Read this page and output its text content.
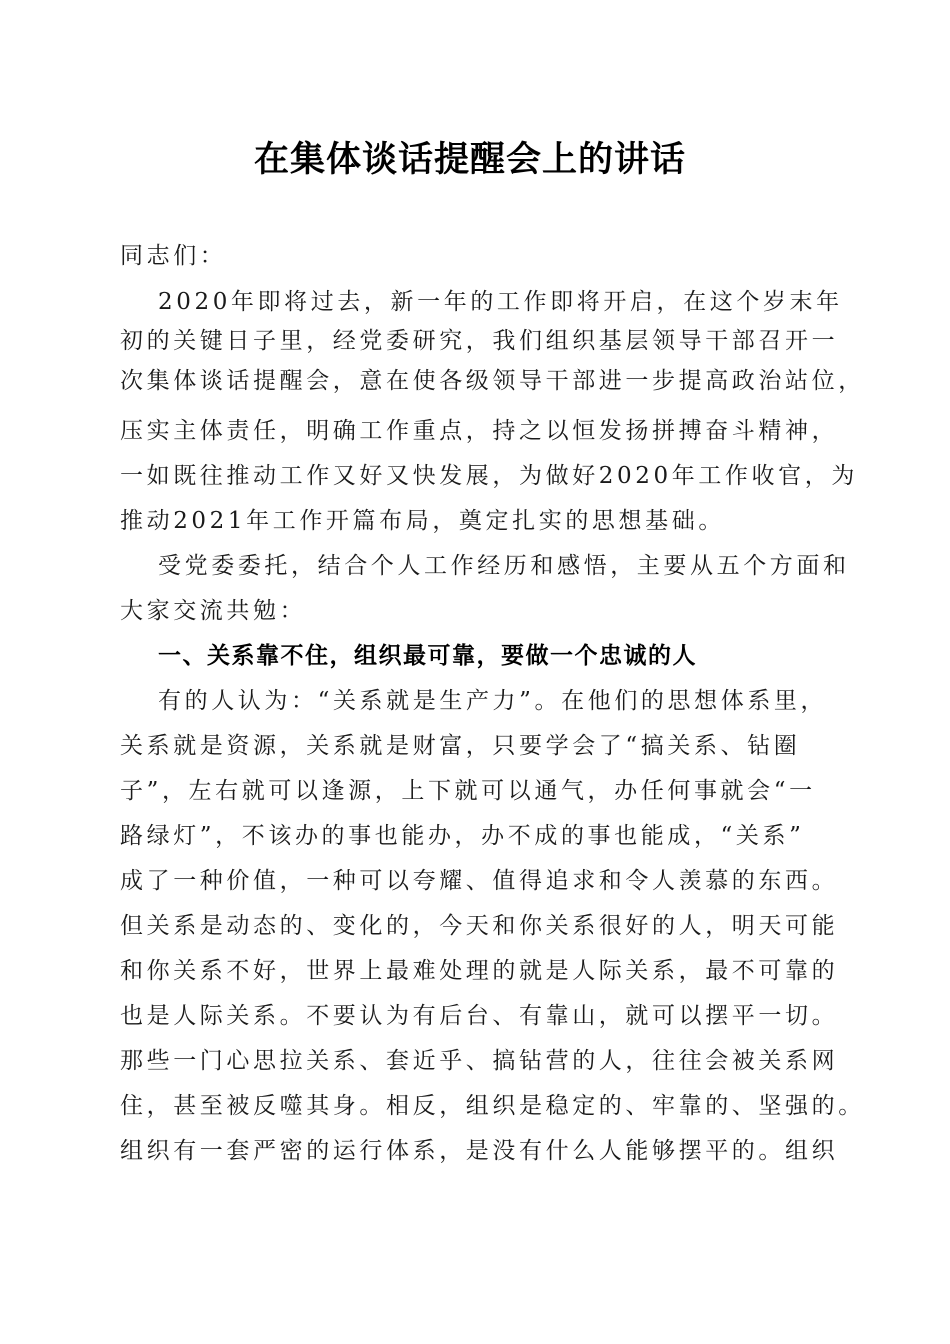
在集体谈话提醒会上的讲话
同志们：
2020年即将过去，新一年的工作即将开启，在这个岁末年
初的关键日子里，经党委研究，我们组织基层领导干部召开一
次集体谈话提醒会，意在使各级领导干部进一步提高政治站位，
压实主体责任，明确工作重点，持之以恒发扬拼搏奋斗精神，
一如既往推动工作又好又快发展，为做好2020年工作收官，为
推动2021年工作开篇布局，奠定扎实的思想基础。
受党委委托，结合个人工作经历和感悟，主要从五个方面和
大家交流共勉：
一、关系靠不住，组织最可靠，要做一个忠诚的人
有的人认为：“关系就是生产力”。在他们的思想体系里，
关系就是资源，关系就是财富，只要学会了“搞关系、钻圈
子”，左右就可以逢源，上下就可以通气，办任何事就会“一
路绿灯”，不该办的事也能办，办不成的事也能成，“关系”
成了一种价值，一种可以夸耀、值得追求和令人羡慕的东西。
但关系是动态的、变化的，今天和你关系很好的人，明天可能
和你关系不好，世界上最难处理的就是人际关系，最不可靠的
也是人际关系。不要认为有后台、有靠山，就可以摆平一切。
那些一门心思拉关系、套近乎、搞钻营的人，往往会被关系网
住，甚至被反噬其身。相反，组织是稳定的、牢靠的、坚强的。
组织有一套严密的运行体系，是没有什么人能够摆平的。组织
